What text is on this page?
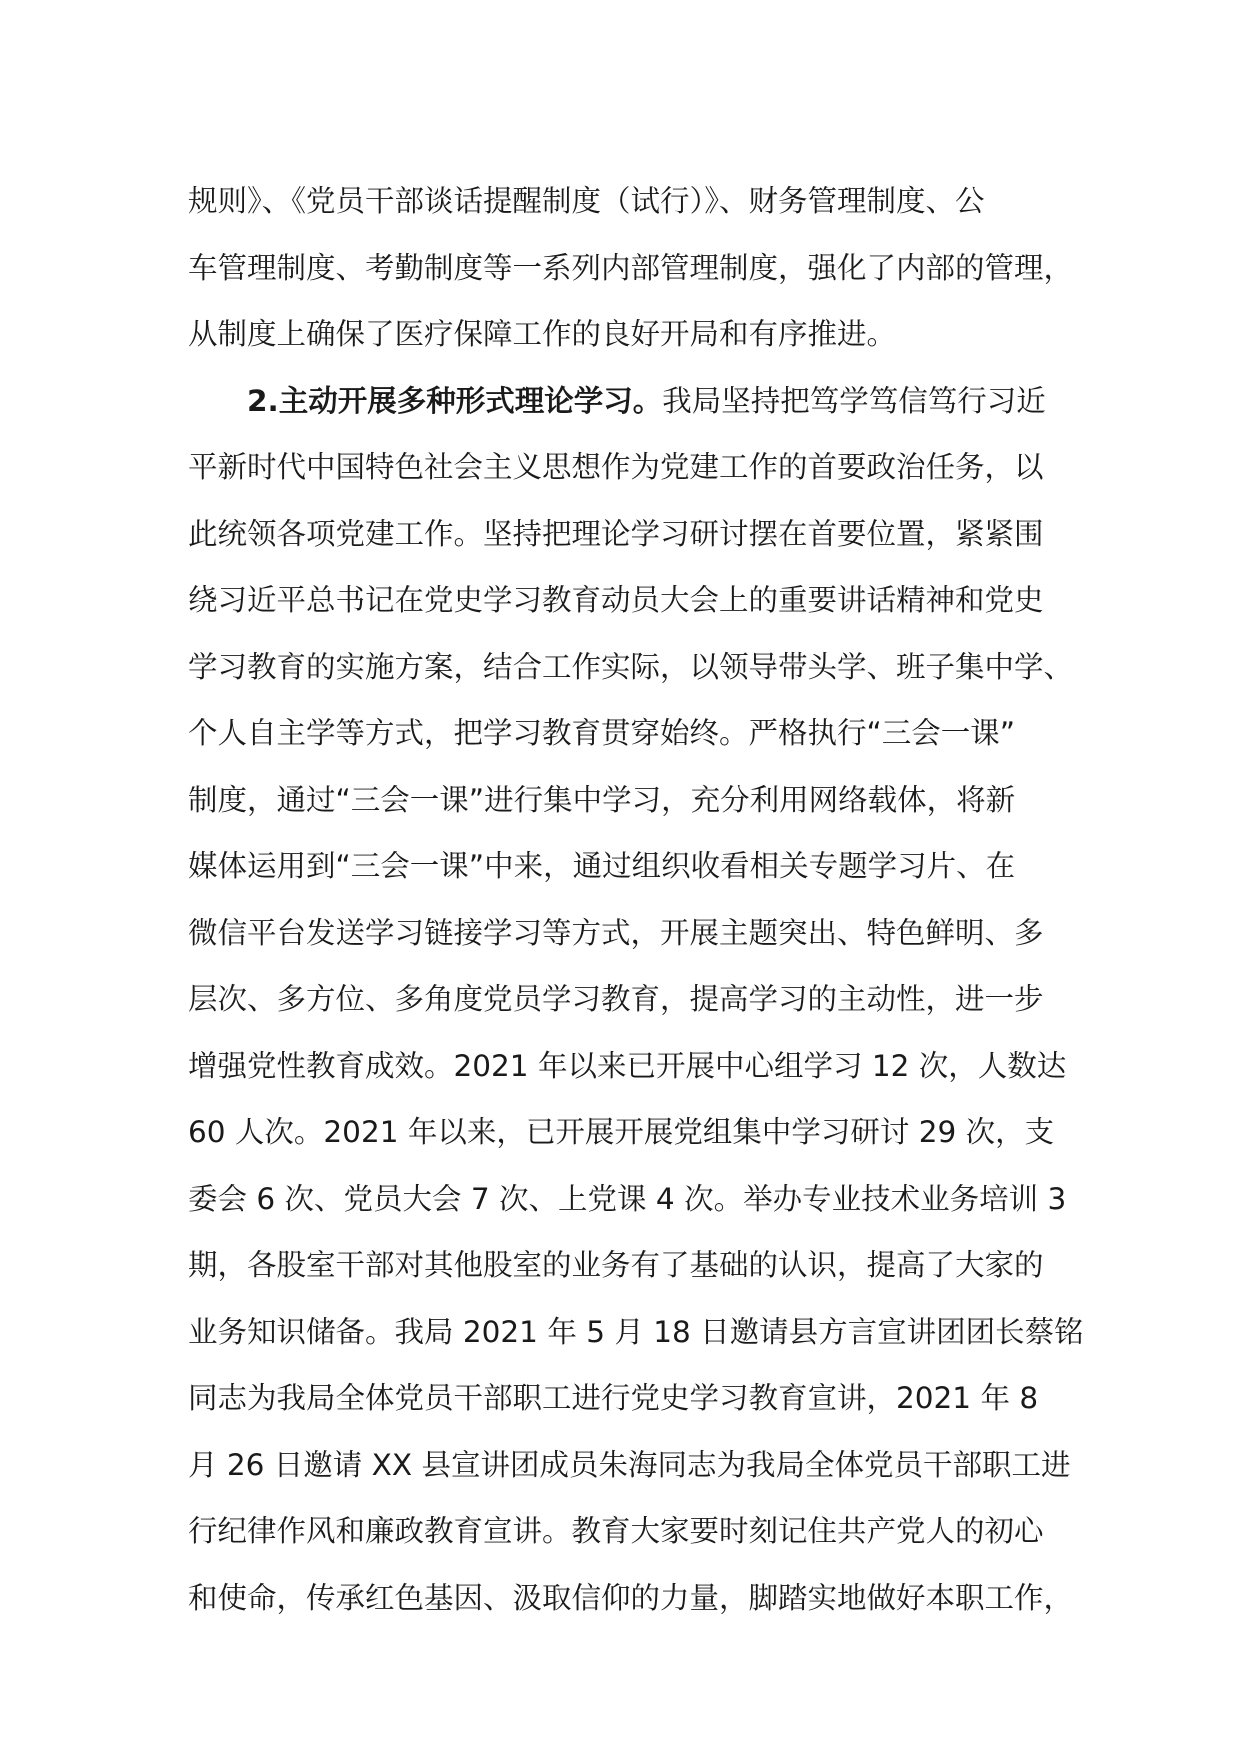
规则》、《党员干部谈话提醒制度（试行）》、财务管理制度、公
车管理制度、考勤制度等一系列内部管理制度，强化了内部的管理，
从制度上确保了医疗保障工作的良好开局和有序推进。
2.主动开展多种形式理论学习。我局坚持把笃学笃信笃行习近
平新时代中国特色社会主义思想作为党建工作的首要政治任务，以
此统领各项党建工作。坚持把理论学习研讨摆在首要位置，紧紧围
绕习近平总书记在党史学习教育动员大会上的重要讲话精神和党史
学习教育的实施方案，结合工作实际，以领导带头学、班子集中学、
个人自主学等方式，把学习教育贯穿始终。严格执行“三会一课”
制度，通过“三会一课”进行集中学习，充分利用网络载体，将新
媒体运用到“三会一课”中来，通过组织收看相关专题学习片、在
微信平台发送学习链接学习等方式，开展主题突出、特色鲜明、多
层次、多方位、多角度党员学习教育，提高学习的主动性，进一步
增强党性教育成效。2021 年以来已开展中心组学习 12 次，人数达
60 人次。2021 年以来，已开展开展党组集中学习研讨 29 次，支
委会 6 次、党员大会 7 次、上党课 4 次。举办专业技术业务培训 3
期，各股室干部对其他股室的业务有了基础的认识，提高了大家的
业务知识储备。我局 2021 年 5 月 18 日邀请县方言宣讲团团长蔡铭
同志为我局全体党员干部职工进行党史学习教育宣讲，2021 年 8
月 26 日邀请 XX 县宣讲团成员朱海同志为我局全体党员干部职工进
行纪律作风和廉政教育宣讲。教育大家要时刻记住共产党人的初心
和使命，传承红色基因、汲取信仰的力量，脚踏实地做好本职工作，
